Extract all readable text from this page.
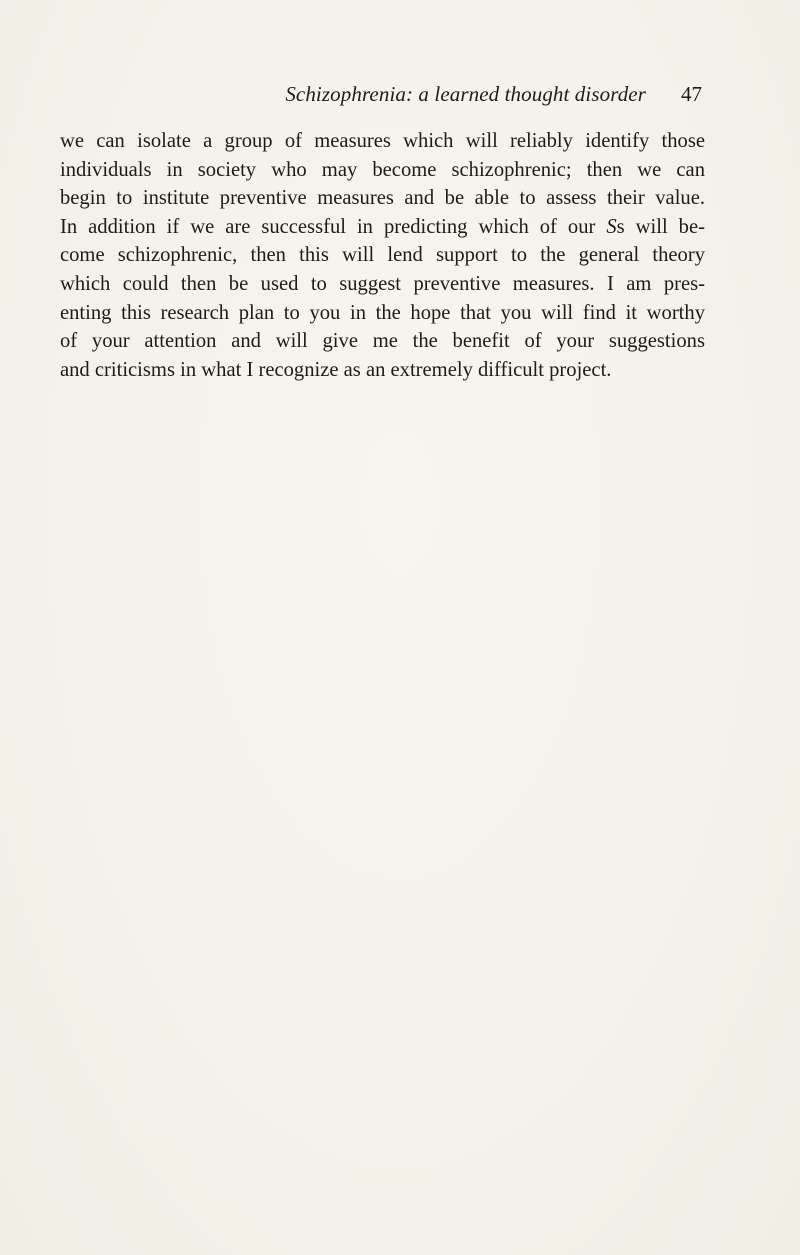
Schizophrenia: a learned thought disorder 47
we can isolate a group of measures which will reliably identify those
individuals in society who may become schizophrenic; then we can
begin to institute preventive measures and be able to assess their value.
In addition if we are successful in predicting which of our Ss will be-
come schizophrenic, then this will lend support to the general theory
which could then be used to suggest preventive measures. I am pres-
enting this research plan to you in the hope that you will find it worthy
of your attention and will give me the benefit of your suggestions
and criticisms in what I recognize as an extremely difficult project.
